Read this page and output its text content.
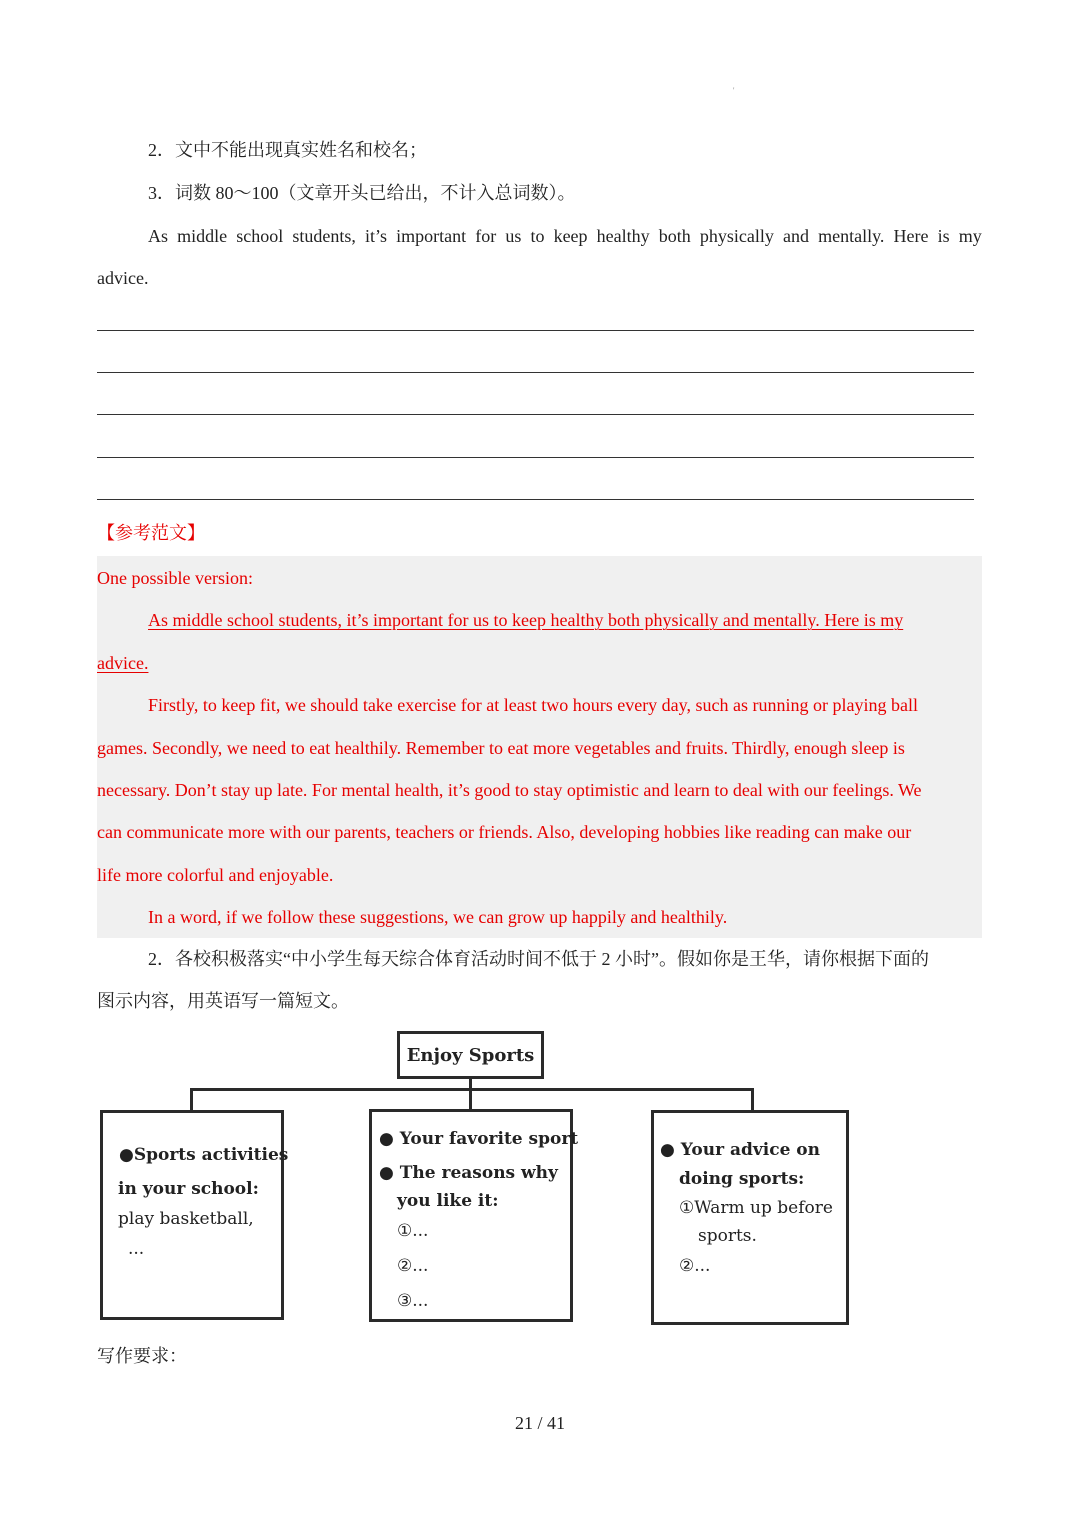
'
2．文中不能出现真实姓名和校名；
3．词数 80～100（文章开头已给出，不计入总词数）。
As middle school students, it’s important for us to keep healthy both physically and mentally. Here is my
advice.
【参考范文】
One possible version:
As middle school students, it’s important for us to keep healthy both physically and mentally. Here is my
advice.
Firstly, to keep fit, we should take exercise for at least two hours every day, such as running or playing ball
games. Secondly, we need to eat healthily. Remember to eat more vegetables and fruits. Thirdly, enough sleep is
necessary. Don’t stay up late. For mental health, it’s good to stay optimistic and learn to deal with our feelings. We
can communicate more with our parents, teachers or friends. Also, developing hobbies like reading can make our
life more colorful and enjoyable.
In a word, if we follow these suggestions, we can grow up happily and healthily.
2．各校积极落实“中小学生每天综合体育活动时间不低于 2 小时”。假如你是王华，请你根据下面的
图示内容，用英语写一篇短文。
Enjoy Sports
●Sports activities
in your school:
play basketball,
...
● Your favorite sport
● The reasons why
you like it:
①...
②...
③...
● Your advice on
doing sports:
①Warm up before
sports.
②...
写作要求：
21 / 41
